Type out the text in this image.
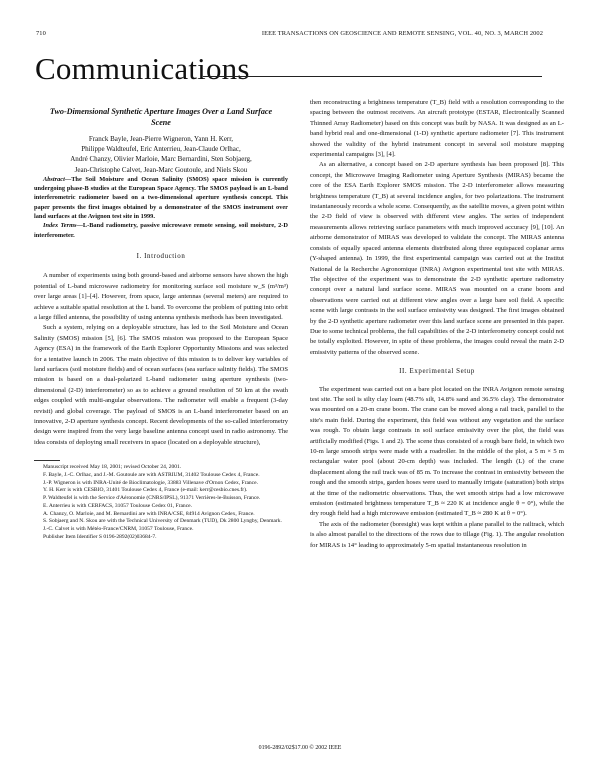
710	IEEE TRANSACTIONS ON GEOSCIENCE AND REMOTE SENSING, VOL. 40, NO. 3, MARCH 2002
Communications
Two-Dimensional Synthetic Aperture Images Over a Land Surface Scene
Franck Bayle, Jean-Pierre Wigneron, Yann H. Kerr,
Philippe Waldteufel, Eric Anterrieu, Jean-Claude Orlhac,
André Chanzy, Olivier Marloie, Marc Bernardini, Sten Sobjaerg,
Jean-Christophe Calvet, Jean-Marc Goutoule, and Niels Skou

Abstract—The Soil Moisture and Ocean Salinity (SMOS) space mission is currently undergoing phase-B studies at the European Space Agency. The SMOS payload is an L-band interferometric radiometer based on a two-dimensional aperture synthesis concept. This paper presents the first images obtained by a demonstrator of the SMOS instrument over land surfaces at the Avignon test site in 1999.

Index Terms—L-Band radiometry, passive microwave remote sensing, soil moisture, 2-D interferometer.

I. Introduction

A number of experiments using both ground-based and airborne sensors have shown the high potential of L-band microwave radiometry for monitoring surface soil moisture w_S (m³/m³) over large areas [1]–[4]. However, from space, large antennas (several meters) are required to achieve a suitable spatial resolution at the L band. To overcome the problem of putting into orbit a large filled antenna, the possibility of using antenna synthesis methods has been investigated.

Such a system, relying on a deployable structure, has led to the Soil Moisture and Ocean Salinity (SMOS) mission [5], [6]. The SMOS mission was proposed to the European Space Agency (ESA) in the framework of the Earth Explorer Opportunity Missions and was selected for a tentative launch in 2006. The main objective of this mission is to deliver key variables of land surfaces (soil moisture fields) and of ocean surfaces (sea surface salinity fields). The SMOS mission is based on a dual-polarized L-band radiometer using aperture synthesis (two-dimensional (2-D) interferometer) so as to achieve a ground resolution of 50 km at the swath edges coupled with multi-angular observations. The radiometer will enable a frequent (3-day revisit) and global coverage. The payload of SMOS is an L-band interferometer based on an innovative, 2-D aperture synthesis concept. Recent developments of the so-called interferometry design were inspired from the very large baseline antenna concept used in radio astronomy. The idea consists of deploying small receivers in space (located on a deployable structure),

Manuscript received May 18, 2001; revised October 24, 2001.

F. Bayle, J.-C. Orlhac, and J.-M. Goutoule are with ASTRIUM, 31402 Toulouse Cedex 4, France.

J.-P. Wigneron is with INRA-Unité de Bioclimatologie, 33883 Villenave d'Ornon Cedex, France.

Y. H. Kerr is with CESBIO, 31401 Toulouse Cedex 4, France (e-mail: kerr@cesbio.cnes.fr).

P. Waldteufel is with the Service d'Aéronomie (CNRS/IPSL), 91371 Verrières-le-Buisson, France.

E. Anterrieu is with CERFACS, 31057 Toulouse Cedex 01, France.

A. Chanzy, O. Marloie, and M. Bernardini are with INRA/CSE, 84914 Avignon Cedex, France.

S. Sobjaerg and N. Skou are with the Technical University of Denmark (TUD), Dk 2800 Lyngby, Denmark.

J.-C. Calvet is with Météo-France/CNRM, 31057 Toulouse, France.

Publisher Item Identifier S 0196-2892(02)03684-7.

then reconstructing a brightness temperature (T_B) field with a resolution corresponding to the spacing between the outmost receivers. An aircraft prototype (ESTAR, Electronically Scanned Thinned Array Radiometer) based on this concept was built by NASA. It was designed as an L-band hybrid real and one-dimensional (1-D) synthetic aperture radiometer [7]. This instrument showed the validity of the hybrid instrument concept in several soil moisture mapping experimental campaigns [3], [4].

As an alternative, a concept based on 2-D aperture synthesis has been proposed [8]. This concept, the Microwave Imaging Radiometer using Aperture Synthesis (MIRAS) became the core of the ESA Earth Explorer SMOS mission. The 2-D interferometer allows measuring brightness temperature (T_B) at several incidence angles, for two polarizations. The instrument instantaneously records a whole scene. Consequently, as the satellite moves, a given point within the 2-D field of view is observed with different view angles. The series of independent measurements allows retrieving surface parameters with much improved accuracy [9], [10]. An airborne demonstrator of MIRAS was developed to validate the concept. The MIRAS antenna consists of equally spaced antenna elements distributed along three equispaced coplanar arms (Y-shaped antenna). In 1999, the first experimental campaign was carried out at the Institut National de la Recherche Agronomique (INRA) Avignon experimental test site with MIRAS. The objective of the experiment was to demonstrate the 2-D synthetic aperture radiometry concept over a natural land surface scene. MIRAS was mounted on a crane boom and observations were carried out at different view angles over a large bare soil field. A specific scene with large contrasts in the soil surface emissivity was designed. The first images obtained by the 2-D synthetic aperture radiometer over this land surface scene are presented in this paper. Due to some technical problems, the full capabilities of the 2-D interferometry concept could not be totally exploited. However, in spite of these problems, the images could reveal the main 2-D emissivity patterns of the observed scene.

II. Experimental Setup

The experiment was carried out on a bare plot located on the INRA Avignon remote sensing test site. The soil is silty clay loam (48.7% silt, 14.8% sand and 36.5% clay). The demonstrator was mounted on a 20-m crane boom. The crane can be moved along a rail track, parallel to the site's main field. During the experiment, this field was without any vegetation and the surface was rough. To obtain large contrasts in soil surface emissivity over the plot, the field was artificially modified (Figs. 1 and 2). The scene thus consisted of a rough bare field, in which two 10-m large smooth strips were made with a roadroller. In the middle of the plot, a 5 m × 5 m rectangular water pool (about 20-cm depth) was included. The length (L) of the crane displacement along the rail track was of 85 m. To increase the contrast in emissivity between the rough and the smooth strips, garden hoses were used to manually irrigate (saturation) both strips at the time of the radiometric observations. Thus, the wet smooth strips had a low microwave emission (estimated brightness temperature T_B ≈ 220 K at incidence angle θ = 0°), while the dry rough field had a high microwave emission (estimated T_B ≈ 280 K at θ = 0°).

The axis of the radiometer (boresight) was kept within a plane parallel to the railtrack, which is also almost parallel to the directions of the rows due to tillage (Fig. 1). The angular resolution for MIRAS is 14° leading to approximately 5-m spatial instantaneous resolution in

0196-2892/02$17.00 © 2002 IEEE
